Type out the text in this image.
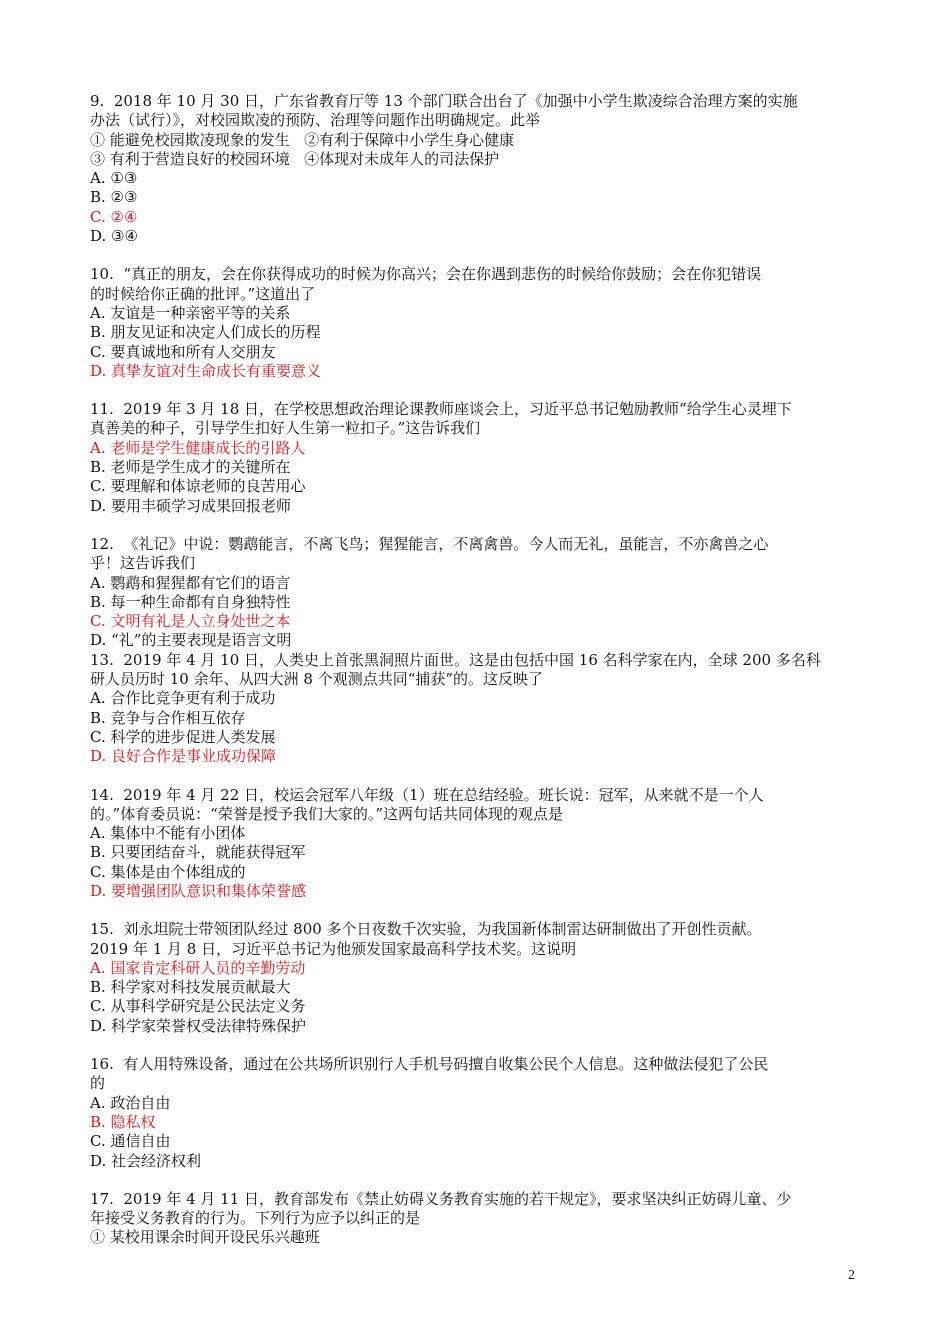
9.  2018 年 10 月 30 日，广东省教育厅等 13 个部门联合出台了《加强中小学生欺凌综合治理方案的实施
办法（试行）》，对校园欺凌的预防、治理等问题作出明确规定。此举
① 能避免校园欺凌现象的发生   ②有利于保障中小学生身心健康
③ 有利于营造良好的校园环境   ④体现对未成年人的司法保护
A. ①③
B. ②③
C. ②④
D. ③④
10.  “真正的朋友，会在你获得成功的时候为你高兴；会在你遇到悲伤的时候给你鼓励；会在你犯错误
的时候给你正确的批评。”这道出了
A. 友谊是一种亲密平等的关系
B. 朋友见证和决定人们成长的历程
C. 要真诚地和所有人交朋友
D. 真挚友谊对生命成长有重要意义
11.  2019 年 3 月 18 日，在学校思想政治理论课教师座谈会上，习近平总书记勉励教师“给学生心灵埋下
真善美的种子，引导学生扣好人生第一粒扣子。”这告诉我们
A. 老师是学生健康成长的引路人
B. 老师是学生成才的关键所在
C. 要理解和体谅老师的良苦用心
D. 要用丰硕学习成果回报老师
12.  《礼记》中说：鹦鹉能言，不离飞鸟；猩猩能言，不离禽兽。今人而无礼，虽能言，不亦禽兽之心
乎！这告诉我们
A. 鹦鹉和猩猩都有它们的语言
B. 每一种生命都有自身独特性
C. 文明有礼是人立身处世之本
D. “礼”的主要表现是语言文明
13.  2019 年 4 月 10 日，人类史上首张黑洞照片面世。这是由包括中国 16 名科学家在内，全球 200 多名科
研人员历时 10 余年、从四大洲 8 个观测点共同“捕获”的。这反映了
A. 合作比竞争更有利于成功
B. 竞争与合作相互依存
C. 科学的进步促进人类发展
D. 良好合作是事业成功保障
14.  2019 年 4 月 22 日，校运会冠军八年级（1）班在总结经验。班长说：冠军，从来就不是一个人
的。”体育委员说：“荣誉是授予我们大家的。”这两句话共同体现的观点是
A. 集体中不能有小团体
B. 只要团结奋斗，就能获得冠军
C. 集体是由个体组成的
D. 要增强团队意识和集体荣誉感
15.  刘永坦院士带领团队经过 800 多个日夜数千次实验，为我国新体制雷达研制做出了开创性贡献。
2019 年 1 月 8 日，习近平总书记为他颁发国家最高科学技术奖。这说明
A. 国家肯定科研人员的辛勤劳动
B. 科学家对科技发展贡献最大
C. 从事科学研究是公民法定义务
D. 科学家荣誉权受法律特殊保护
16.  有人用特殊设备，通过在公共场所识别行人手机号码擅自收集公民个人信息。这种做法侵犯了公民
的
A. 政治自由
B. 隐私权
C. 通信自由
D. 社会经济权利
17.  2019 年 4 月 11 日，教育部发布《禁止妨碍义务教育实施的若干规定》，要求坚决纠正妨碍儿童、少
年接受义务教育的行为。下列行为应予以纠正的是
① 某校用课余时间开设民乐兴趣班
2
